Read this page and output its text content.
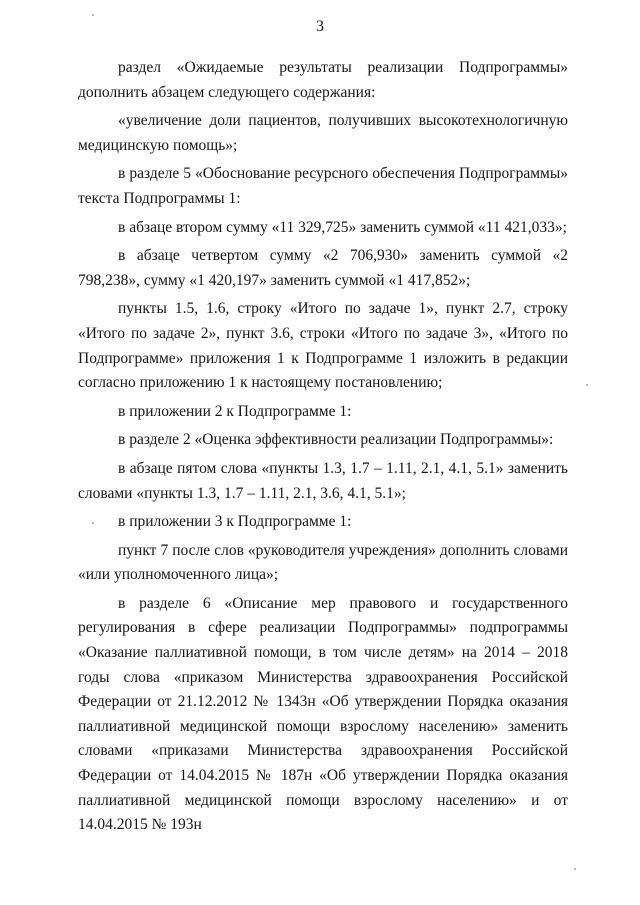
3

раздел «Ожидаемые результаты реализации Подпрограммы» дополнить абзацем следующего содержания:

«увеличение доли пациентов, получивших высокотехнологичную медицинскую помощь»;

в разделе 5 «Обоснование ресурсного обеспечения Подпрограммы» текста Подпрограммы 1:

в абзаце втором сумму «11 329,725» заменить суммой «11 421,033»;

в абзаце четвертом сумму «2 706,930» заменить суммой «2 798,238», сумму «1 420,197» заменить суммой «1 417,852»;

пункты 1.5, 1.6, строку «Итого по задаче 1», пункт 2.7, строку «Итого по задаче 2», пункт 3.6, строки «Итого по задаче 3», «Итого по Подпрограмме» приложения 1 к Подпрограмме 1 изложить в редакции согласно приложению 1 к настоящему постановлению;

в приложении 2 к Подпрограмме 1:

в разделе 2 «Оценка эффективности реализации Подпрограммы»:

в абзаце пятом слова «пункты 1.3, 1.7 – 1.11, 2.1, 4.1, 5.1» заменить словами «пункты 1.3, 1.7 – 1.11, 2.1, 3.6, 4.1, 5.1»;

в приложении 3 к Подпрограмме 1:

пункт 7 после слов «руководителя учреждения» дополнить словами «или уполномоченного лица»;

в разделе 6 «Описание мер правового и государственного регулирования в сфере реализации Подпрограммы» подпрограммы «Оказание паллиативной помощи, в том числе детям» на 2014 – 2018 годы слова «приказом Министерства здравоохранения Российской Федерации от 21.12.2012 № 1343н «Об утверждении Порядка оказания паллиативной медицинской помощи взрослому населению» заменить словами «приказами Министерства здравоохранения Российской Федерации от 14.04.2015 № 187н «Об утверждении Порядка оказания паллиативной медицинской помощи взрослому населению» и от 14.04.2015 № 193н
